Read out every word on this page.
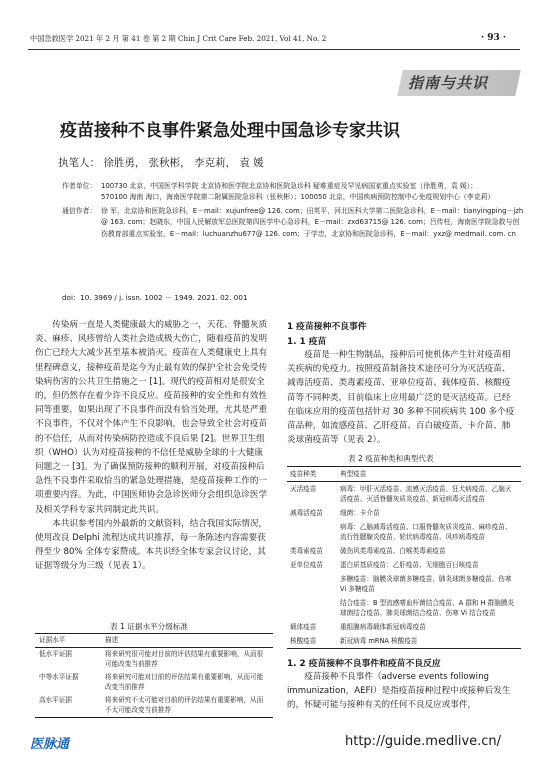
中国急救医学 2021 年 2 月 第 41 卷 第 2 期 Chin J Crit Care Feb. 2021, Vol 41, No. 2	· 93 ·
指南与共识
疫苗接种不良事件紧急处理中国急诊专家共识
执笔人： 徐胜勇， 张秋彬， 李克莉， 袁 媛
作者单位： 100730 北京，中国医学科学院 北京协和医学院北京协和医院急诊科 疑难重症及罕见病国家重点实验室（徐胜勇，袁 媛）；
570100 海南 海口，海南医学院第二附属医院急诊科（张秋彬）；100050 北京，中国疾病预防控制中心免疫规划中心（李克莉）
通信作者： 徐 军，北京协和医院急诊科，E－mail：xujunfree@ 126. com；田英平，河北医科大学第二医院急诊科，E－mail：tianyingping－jzh
@ 163. com；赵晓东，中国人民解放军总医院第四医学中心急诊科，E－mail：zxd63715@ 126. com；吕传柱，海南医学院急救与创
伤教育部重点实验室，E－mail：luchuanzhu677@ 126. com；于学忠，北京协和医院急诊科，E－mail：yxz@ medmail. com. cn
doi：10. 3969 / j. issn. 1002 － 1949. 2021. 02. 001

传染病一直是人类健康最大的威胁之一，天花、脊髓灰质炎、麻疹、风疹曾给人类社会造成极大伤亡，随着疫苗的发明伤亡已经大大减少甚至基本被消灭。疫苗在人类健康史上具有里程碑意义，接种疫苗是迄今为止最有效的保护全社会免受传染病伤害的公共卫生措施之一 [1]。现代的疫苗相对是很安全的，但仍然存在着少许不良反应。疫苗接种的安全性和有效性同等重要，如果出现了不良事件而没有恰当处理，尤其是严重不良事件，不仅对个体产生不良影响，也会导致全社会对疫苗的不信任，从而对传染病防控造成不良后果 [2]。世界卫生组织（WHO）认为对疫苗接种的不信任是威胁全球的十大健康问题之一 [3]。为了确保预防接种的顺利开展，对疫苗接种后急性不良事件采取恰当的紧急处理措施，是疫苗接种工作的一项重要内容。为此，中国医师协会急诊医师分会组织急诊医学及相关学科专家共同制定此共识。

本共识参考国内外最新的文献资料，结合我国实际情况，使用改良 Delphi 流程达成共识推荐，每一条陈述内容需要获得至少 80% 全体专家赞成。本共识经全体专家会议讨论，其证据等级分为三级（见表 1）。

表 1 证据水平分级标准
证据水平	描述
低水平证据	将来研究很可能对目前的评估结果有重要影响，从而很可能改变当前推荐
中等水平证据	将来研究可能对目前的评估结果有重要影响，从而可能改变当前推荐
高水平证据	将来研究不太可能对目前的评估结果有重要影响，从而不太可能改变当前推荐
1 疫苗接种不良事件
1. 1 疫苗

疫苗是一种生物制品，接种后可使机体产生针对疫苗相关疾病的免疫力。按照疫苗制备技术途径可分为灭活疫苗、减毒活疫苗、类毒素疫苗、亚单位疫苗、载体疫苗、核酸疫苗等不同种类，目前临床上应用最广泛的是灭活疫苗。已经在临床应用的疫苗包括针对 30 多种不同疾病共 100 多个疫苗品种，如流感疫苗、乙肝疫苗、百白破疫苗、卡介苗、肺炎球菌疫苗等（见表 2）。

表 2 疫苗种类和典型代表
疫苗种类	典型疫苗
灭活疫苗	病毒：甲肝灭活疫苗、流感灭活疫苗、狂犬病疫苗、乙脑灭活疫苗、灭活脊髓灰质炎疫苗、新冠病毒灭活疫苗
减毒活疫苗	细菌：卡介苗
	病毒：乙脑减毒活疫苗、口服脊髓灰质炎疫苗、麻疹疫苗、流行性腮腺炎疫苗、轮状病毒疫苗、风疹病毒疫苗
类毒素疫苗	破伤风类毒素疫苗、白喉类毒素疫苗
亚单位疫苗	蛋白质基质疫苗：乙肝疫苗、无细胞百日咳疫苗
	多糖疫苗：脑膜炎球菌多糖疫苗、肺炎球菌多糖疫苗、伤寒 Vi 多糖疫苗
	结合疫苗：B 型流感嗜血杆菌结合疫苗、A 群和 H 群脑膜炎球菌结合疫苗、肺炎球菌结合疫苗、伤寒 Vi 结合疫苗
载体疫苗	重组腺病毒载体新冠病毒疫苗
核酸疫苗	新冠病毒 mRNA 核酸疫苗
1. 2 疫苗接种不良事件和疫苗不良反应

疫苗接种不良事件（adverse events following immunization，AEFI）是指疫苗接种过程中或接种后发生的，怀疑可能与接种有关的任何不良反应或事件，

医脉通	http://guide.medlive.cn/
